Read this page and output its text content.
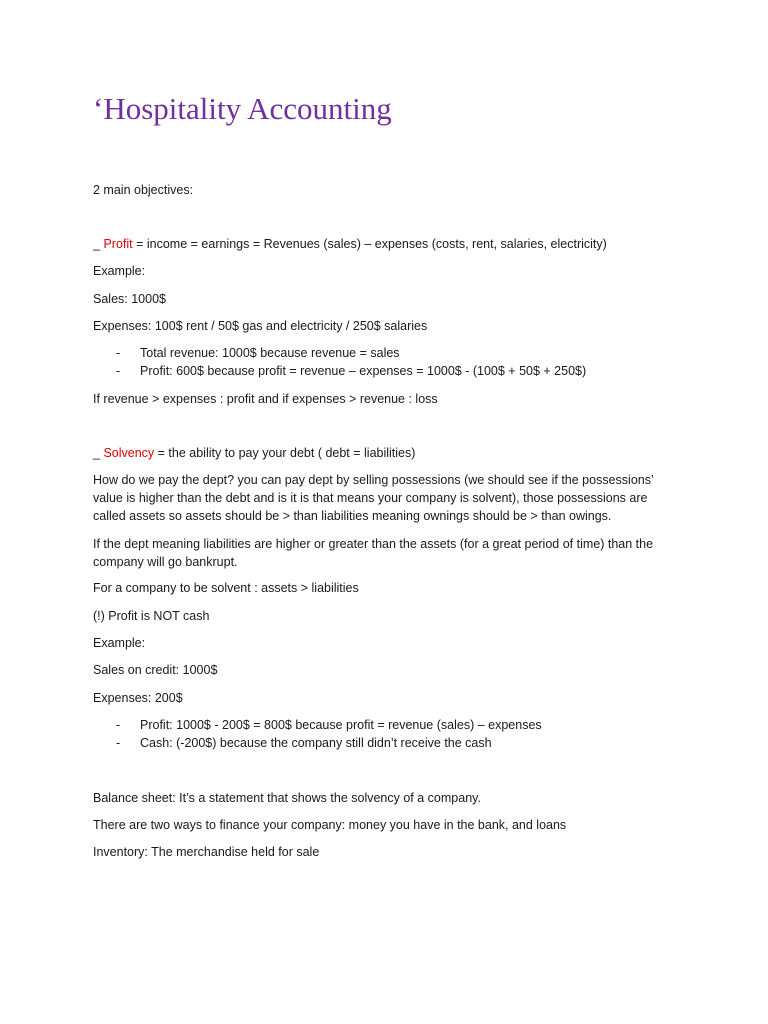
‘Hospitality Accounting
2 main objectives:
_ Profit = income = earnings = Revenues (sales) – expenses (costs, rent, salaries, electricity)
Example:
Sales: 1000$
Expenses: 100$ rent / 50$ gas and electricity / 250$ salaries
- Total revenue: 1000$ because revenue = sales
- Profit: 600$ because profit = revenue – expenses = 1000$ - (100$ + 50$ + 250$)
If revenue > expenses : profit and if expenses > revenue : loss
_ Solvency = the ability to pay your debt ( debt = liabilities)
How do we pay the dept? you can pay dept by selling possessions (we should see if the possessions’ value is higher than the debt and is it is that means your company is solvent), those possessions are called assets so assets should be > than liabilities meaning ownings should be > than owings.
If the dept meaning liabilities are higher or greater than the assets (for a great period of time) than the company will go bankrupt.
For a company to be solvent : assets > liabilities
(!) Profit is NOT cash
Example:
Sales on credit: 1000$
Expenses: 200$
- Profit: 1000$ - 200$ = 800$ because profit = revenue (sales) – expenses
- Cash: (-200$) because the company still didn’t receive the cash
Balance sheet: It’s a statement that shows the solvency of a company.
There are two ways to finance your company: money you have in the bank, and loans
Inventory: The merchandise held for sale
